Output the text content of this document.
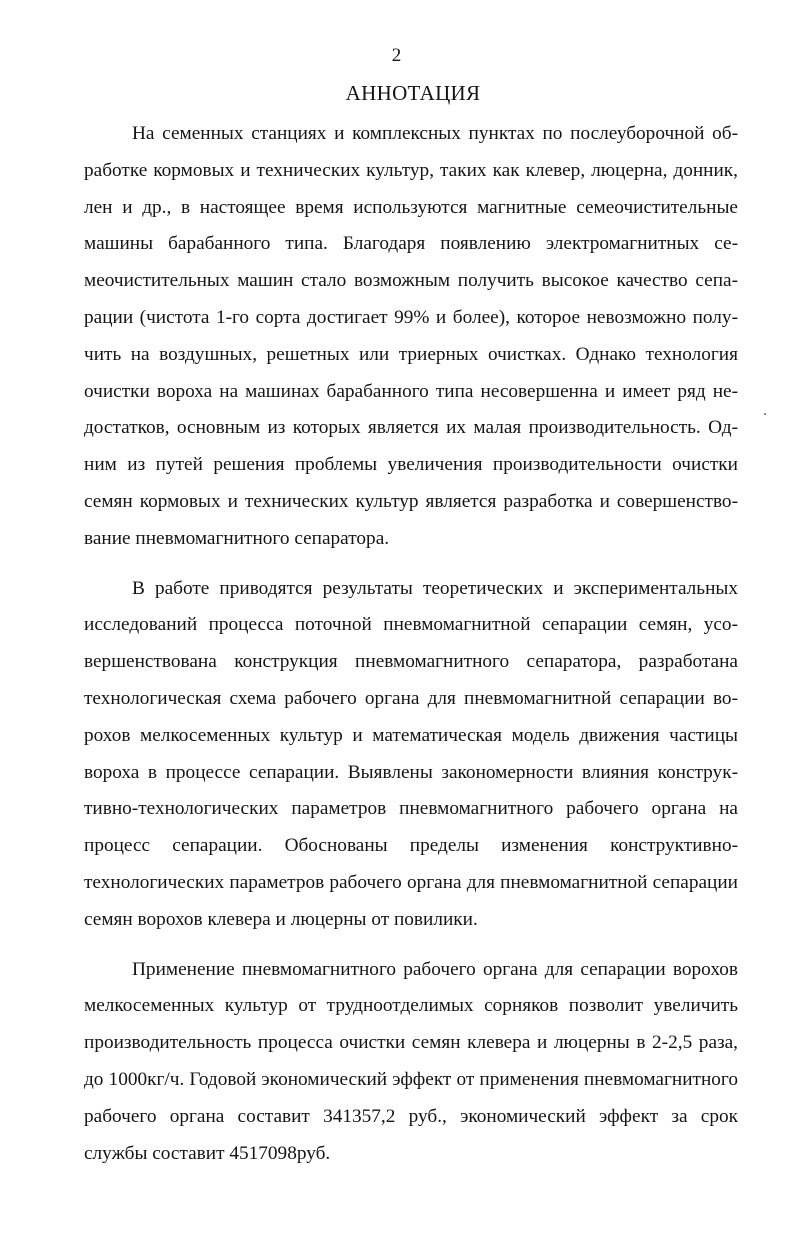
2
АННОТАЦИЯ

На семенных станциях и комплексных пунктах по послеуборочной обработке кормовых и технических культур, таких как клевер, люцерна, донник, лен и др., в настоящее время используются магнитные семеочистительные машины барабанного типа. Благодаря появлению электромагнитных семеочистительных машин стало возможным получить высокое качество сепарации (чистота 1-го сорта достигает 99% и более), которое невозможно получить на воздушных, решетных или триерных очистках. Однако технология очистки вороха на машинах барабанного типа несовершенна и имеет ряд недостатков, основным из которых является их малая производительность. Одним из путей решения проблемы увеличения производительности очистки семян кормовых и технических культур является разработка и совершенствование пневмомагнитного сепаратора.

В работе приводятся результаты теоретических и экспериментальных исследований процесса поточной пневмомагнитной сепарации семян, усовершенствована конструкция пневмомагнитного сепаратора, разработана технологическая схема рабочего органа для пневмомагнитной сепарации ворохов мелкосеменных культур и математическая модель движения частицы вороха в процессе сепарации. Выявлены закономерности влияния конструктивно-технологических параметров пневмомагнитного рабочего органа на процесс сепарации. Обоснованы пределы изменения конструктивно-технологических параметров рабочего органа для пневмомагнитной сепарации семян ворохов клевера и люцерны от повилики.

Применение пневмомагнитного рабочего органа для сепарации ворохов мелкосеменных культур от трудноотделимых сорняков позволит увеличить производительность процесса очистки семян клевера и люцерны в 2-2,5 раза, до 1000кг/ч. Годовой экономический эффект от применения пневмомагнитного рабочего органа составит 341357,2 руб., экономический эффект за срок службы составит 4517098руб.
